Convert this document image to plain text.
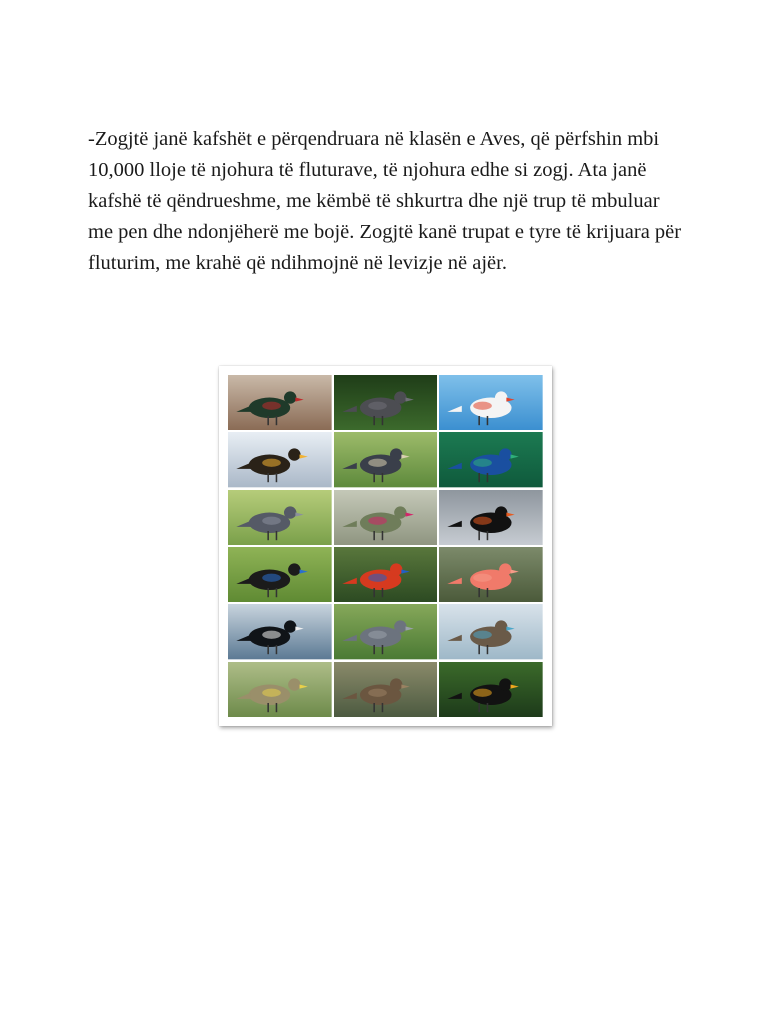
-Zogjtë janë kafshët e përqendruara në klasën e Aves, që përfshin mbi 10,000 lloje të njohura të fluturave, të njohura edhe si zogj. Ata janë kafshë të qëndrueshme, me këmbë të shkurtra dhe një trup të mbuluar me pen dhe ndonjëherë me bojë. Zogjtë kanë trupat e tyre të krijuara për fluturim, me krahë që ndihmojnë në levizje në ajër.
